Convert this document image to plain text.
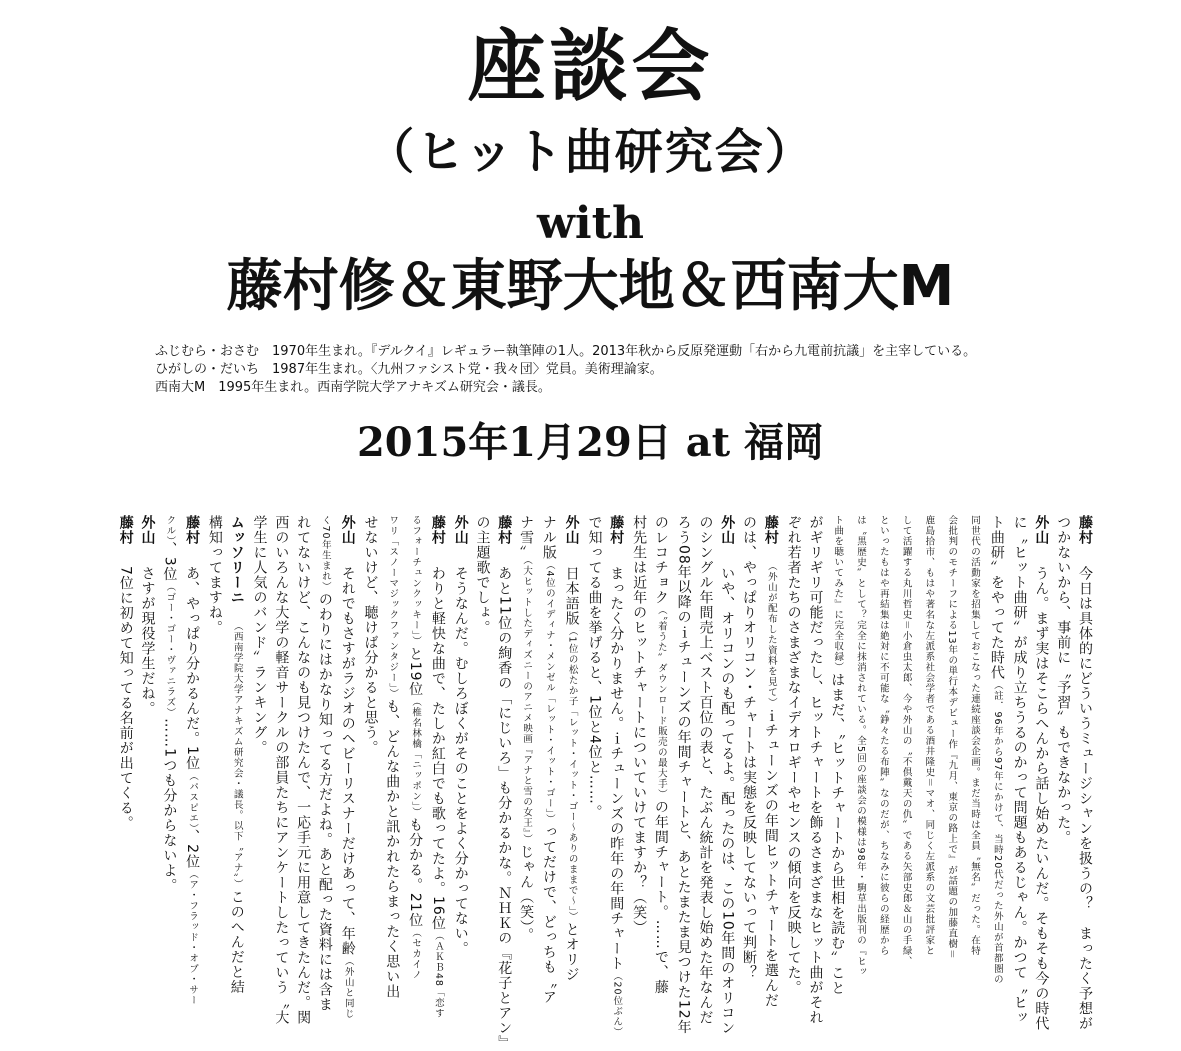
座談会
（ヒット曲研究会）
with
藤村修＆東野大地＆西南大M
ふじむら・おさむ　1970年生まれ。『デルクイ』レギュラー執筆陣の1人。2013年秋から反原発運動「右から九電前抗議」を主宰している。
ひがしの・だいち　1987年生まれ。〈九州ファシスト党・我々団〉党員。美術理論家。
西南大M　1995年生まれ。西南学院大学アナキズム研究会・議長。
2015年1月29日 at 福岡
藤村　今日は具体的にどういうミュージシャンを扱うの？　まったく予想が
つかないから、事前に〝予習〟もできなかった。
外山　うん。まず実はそこらへんから話し始めたいんだ。そもそも今の時代
に〝ヒット曲研〟が成り立ちうるのかって問題もあるじゃん。かつて〝ヒッ
ト曲研〟をやってた時代（註．96年から97年にかけて、当時20代だった外山が首都圏の
同世代の活動家を招集しておこなった連続座談会企画。まだ当時は全員〝無名〟だった。在特
会批判のモチーフによる13年の単行本デビュー作『九月、東京の路上で』が話題の加藤直樹＝
鹿島拾市、もはや著名な左派系社会学者である酒井隆史＝マオ、同じく左派系の文芸批評家と
して活躍する丸川哲史＝小倉虫太郎、今や外山の〝不倶戴天の仇〟である矢部史郎＆山の手緑、
といったもはや再結集は絶対に不可能な〝錚々たる布陣〟なのだが、ちなみに彼らの経歴から
は〝黒歴史〟として？完全に抹消されている。全5回の座談会の模様は98年・駒草出版刊の『ヒッ
ト曲を聴いてみた』に完全収録）はまだ、〝ヒットチャートから世相を読む〟こと
がギリギリ可能だったし、ヒットチャートを飾るさまざまなヒット曲がそれ
ぞれ若者たちのさまざまなイデオロギーやセンスの傾向を反映してた。
藤村　（外山が配布した資料を見て）ｉチューンズの年間ヒットチャートを選んだ
のは、やっぱりオリコン・チャートは実態を反映してないって判断？
外山　いや、オリコンのも配ってるよ。配ったのは、この10年間のオリコン
のシングル年間売上ベスト百位の表と、たぶん統計を発表し始めた年なんだ
ろう08年以降のｉチューンズの年間チャートと、あとたまたま見つけた12年
のレコチョク（〝着うた〟ダウンロード販売の最大手）の年間チャート。……で、藤
村先生は近年のヒットチャートについていけてますか？（笑）
藤村　まったく分かりません。ｉチューンズの昨年の年間チャート（20位ぶん）
で知ってる曲を挙げると、1位と4位と……。
外山　日本語版（1位の松たか子「レット・イット・ゴー〜ありのままで〜」）とオリジ
ナル版（4位のイディナ・メンゼル「レット・イット・ゴー」）ってだけで、どっちも〝ア
ナ雪〟（大ヒットしたディズニーのアニメ映画『アナと雪の女王』）じゃん（笑）。
藤村　あと11位の絢香の「にじいろ」も分かるかな。ＮＨＫの『花子とアン』
の主題歌でしょ。
外山　そうなんだ。むしろぼくがそのことをよく分かってない。
藤村　わりと軽快な曲で、たしか紅白でも歌ってたよ。16位（ＡＫＢ48「恋す
るフォーチュンクッキー」）と19位（椎名林檎「ニッポン」）も分かる。21位（セカイノ
ワリ「スノーマジックファンタジー」）も、どんな曲かと訊かれたらまったく思い出
せないけど、聴けば分かると思う。
外山　それでもさすがラジオのヘビーリスナーだけあって、年齢（外山と同じ
く70年生まれ）のわりにはかなり知ってる方だよね。あと配った資料には含ま
れてないけど、こんなのも見つけたんで、一応手元に用意してきたんだ。関
西のいろんな大学の軽音サークルの部員たちにアンケートしたっていう〝大
学生に人気のバンド〟ランキング。
ムッソリーニ　（西南学院大学アナキズム研究会・議長。以下〝アナ〟）このへんだと結
構知ってますね。
藤村　あ、やっぱり分かるんだ。1位（パスピエ）、2位（ア・フラッド・オブ・サー
クル）、3位（ゴー・ゴー・ヴァニラズ）……1つも分からないよ。
外山　さすが現役学生だね。
藤村　7位に初めて知ってる名前が出てくる。
